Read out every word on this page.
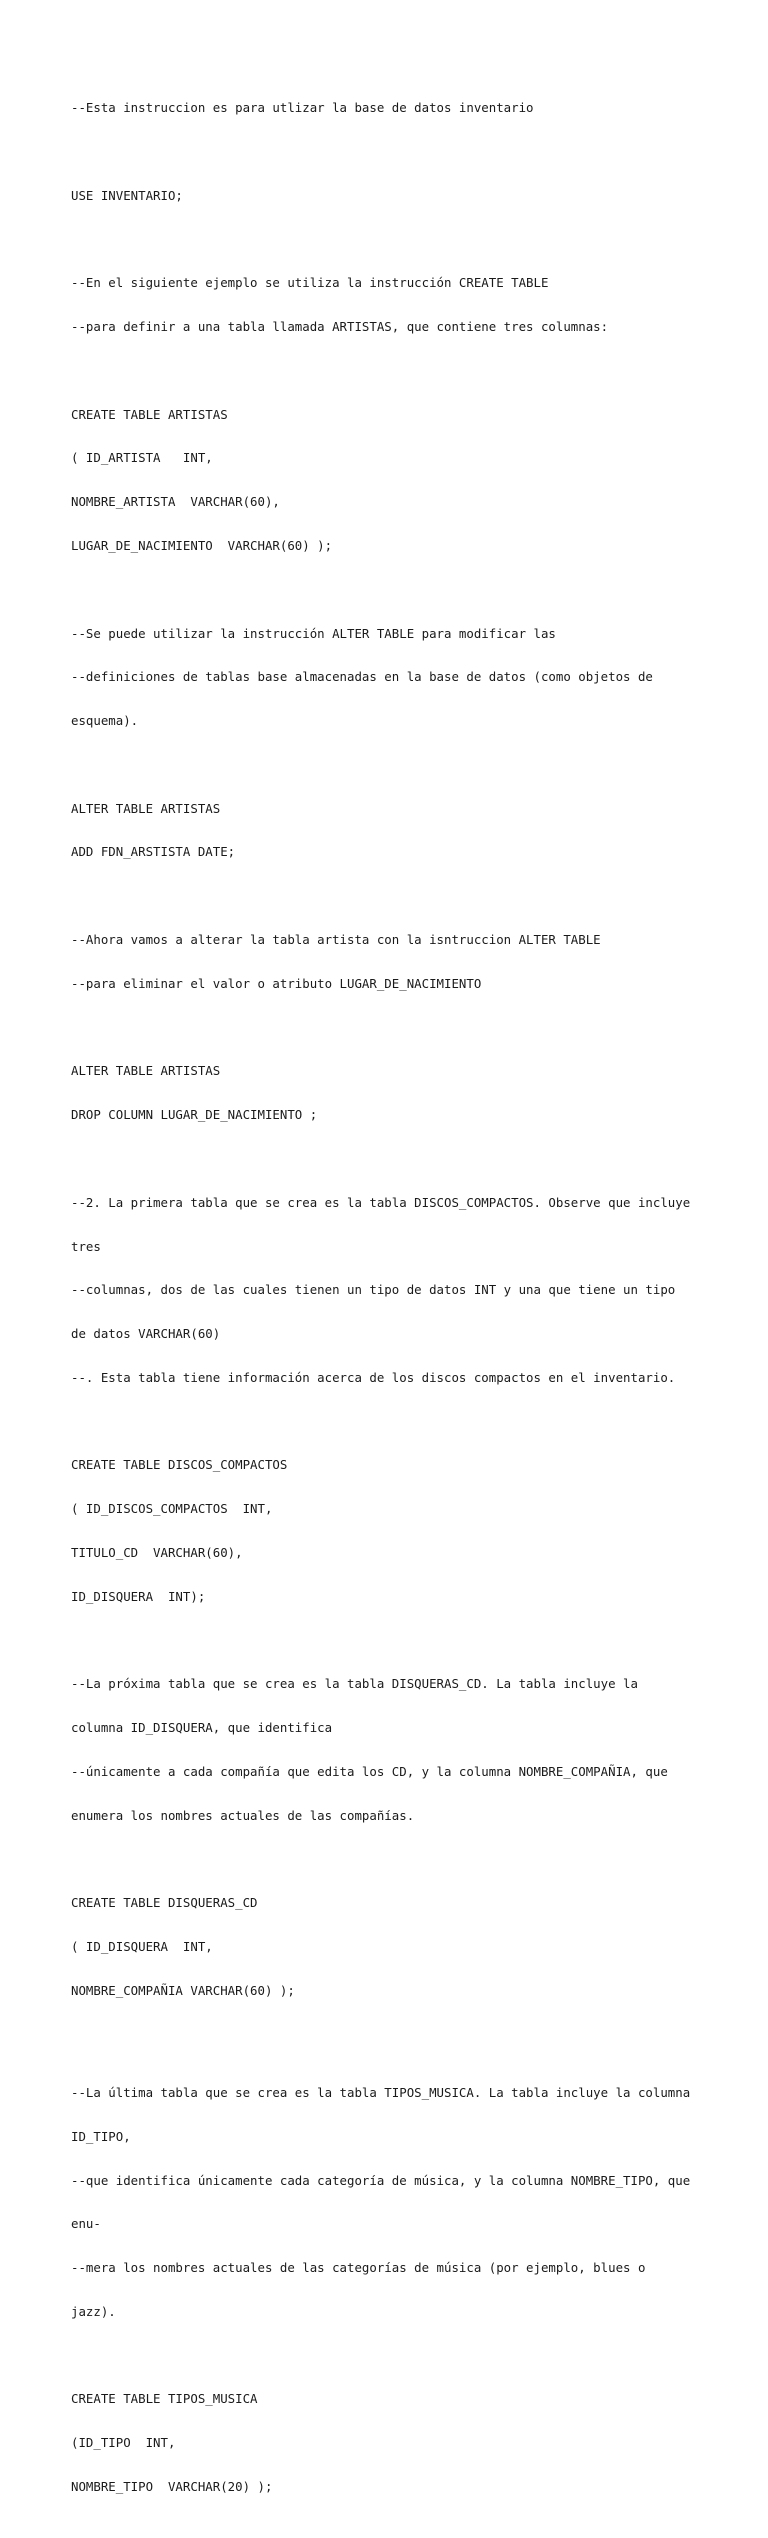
--Esta instruccion es para utlizar la base de datos inventario

USE INVENTARIO;

--En el siguiente ejemplo se utiliza la instrucción CREATE TABLE

--para definir a una tabla llamada ARTISTAS, que contiene tres columnas:

CREATE TABLE ARTISTAS

( ID_ARTISTA   INT,

NOMBRE_ARTISTA  VARCHAR(60),

LUGAR_DE_NACIMIENTO  VARCHAR(60) );

--Se puede utilizar la instrucción ALTER TABLE para modificar las

--definiciones de tablas base almacenadas en la base de datos (como objetos de

esquema).

ALTER TABLE ARTISTAS

ADD FDN_ARSTISTA DATE;

--Ahora vamos a alterar la tabla artista con la isntruccion ALTER TABLE

--para eliminar el valor o atributo LUGAR_DE_NACIMIENTO

ALTER TABLE ARTISTAS

DROP COLUMN LUGAR_DE_NACIMIENTO ;

--2. La primera tabla que se crea es la tabla DISCOS_COMPACTOS. Observe que incluye

tres

--columnas, dos de las cuales tienen un tipo de datos INT y una que tiene un tipo

de datos VARCHAR(60)

--. Esta tabla tiene información acerca de los discos compactos en el inventario.

CREATE TABLE DISCOS_COMPACTOS

( ID_DISCOS_COMPACTOS  INT,

TITULO_CD  VARCHAR(60),

ID_DISQUERA  INT);

--La próxima tabla que se crea es la tabla DISQUERAS_CD. La tabla incluye la

columna ID_DISQUERA, que identifica

--únicamente a cada compañía que edita los CD, y la columna NOMBRE_COMPAÑIA, que

enumera los nombres actuales de las compañías.

CREATE TABLE DISQUERAS_CD

( ID_DISQUERA  INT,

NOMBRE_COMPAÑIA VARCHAR(60) );

--La última tabla que se crea es la tabla TIPOS_MUSICA. La tabla incluye la columna

ID_TIPO,

--que identifica únicamente cada categoría de música, y la columna NOMBRE_TIPO, que

enu-

--mera los nombres actuales de las categorías de música (por ejemplo, blues o

jazz).

CREATE TABLE TIPOS_MUSICA

(ID_TIPO  INT,

NOMBRE_TIPO  VARCHAR(20) );
